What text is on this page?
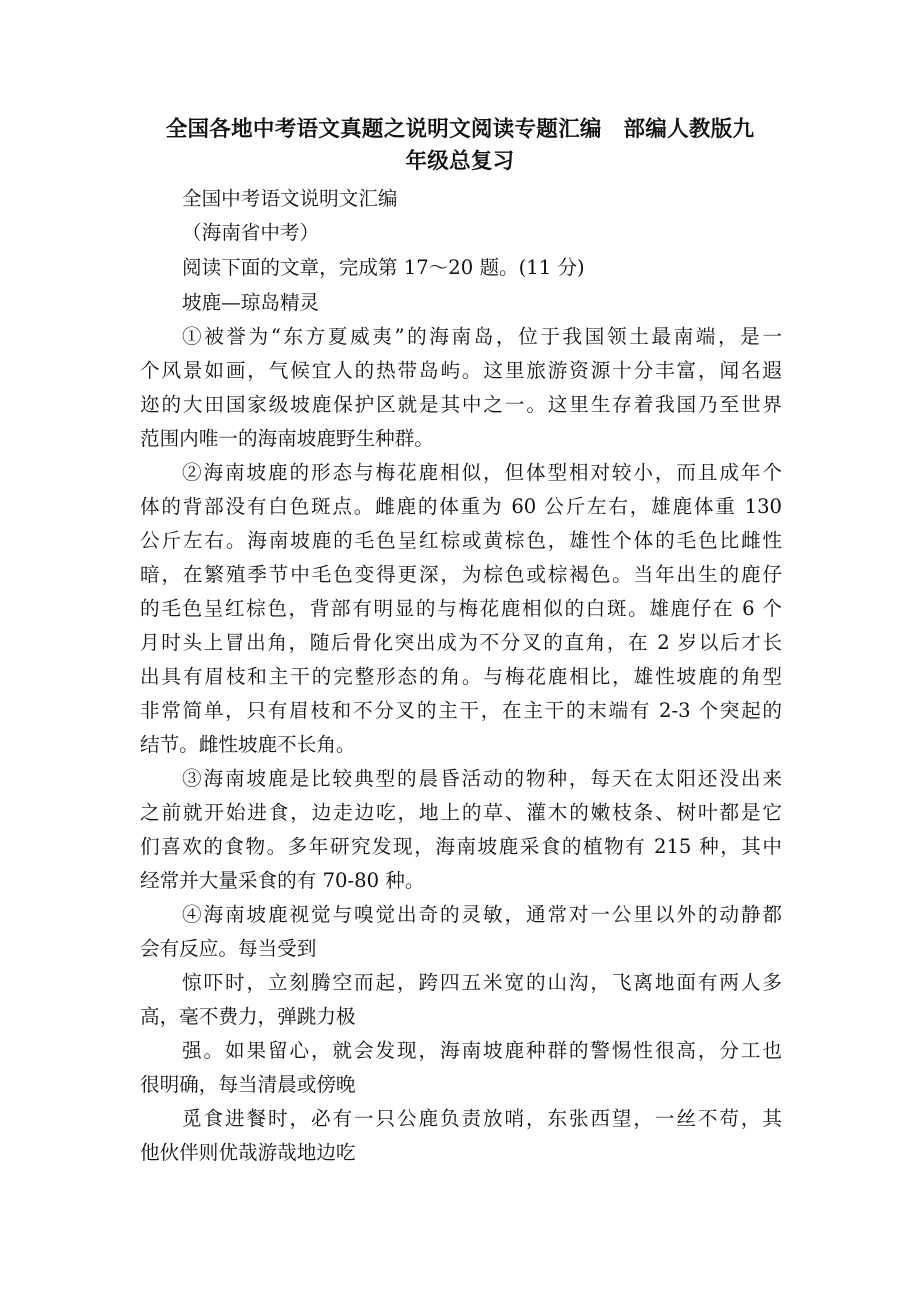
全国各地中考语文真题之说明文阅读专题汇编　部编人教版九
年级总复习
全国中考语文说明文汇编
（海南省中考）
阅读下面的文章，完成第 17～20 题。(11 分)
坡鹿—琼岛精灵
①被誉为“东方夏威夷”的海南岛，位于我国领土最南端，是一
个风景如画，气候宜人的热带岛屿。这里旅游资源十分丰富，闻名遐
迩的大田国家级坡鹿保护区就是其中之一。这里生存着我国乃至世界
范围内唯一的海南坡鹿野生种群。
②海南坡鹿的形态与梅花鹿相似，但体型相对较小，而且成年个
体的背部没有白色斑点。雌鹿的体重为 60 公斤左右，雄鹿体重 130
公斤左右。海南坡鹿的毛色呈红棕或黄棕色，雄性个体的毛色比雌性
暗，在繁殖季节中毛色变得更深，为棕色或棕褐色。当年出生的鹿仔
的毛色呈红棕色，背部有明显的与梅花鹿相似的白斑。雄鹿仔在 6 个
月时头上冒出角，随后骨化突出成为不分叉的直角，在 2 岁以后才长
出具有眉枝和主干的完整形态的角。与梅花鹿相比，雄性坡鹿的角型
非常简单，只有眉枝和不分叉的主干，在主干的末端有 2-3 个突起的
结节。雌性坡鹿不长角。
③海南坡鹿是比较典型的晨昏活动的物种，每天在太阳还没出来
之前就开始进食，边走边吃，地上的草、灌木的嫩枝条、树叶都是它
们喜欢的食物。多年研究发现，海南坡鹿采食的植物有 215 种，其中
经常并大量采食的有 70-80 种。
④海南坡鹿视觉与嗅觉出奇的灵敏，通常对一公里以外的动静都
会有反应。每当受到
惊吓时，立刻腾空而起，跨四五米宽的山沟，飞离地面有两人多
高，毫不费力，弹跳力极
强。如果留心，就会发现，海南坡鹿种群的警惕性很高，分工也
很明确，每当清晨或傍晚
觅食进餐时，必有一只公鹿负责放哨，东张西望，一丝不苟，其
他伙伴则优哉游哉地边吃
